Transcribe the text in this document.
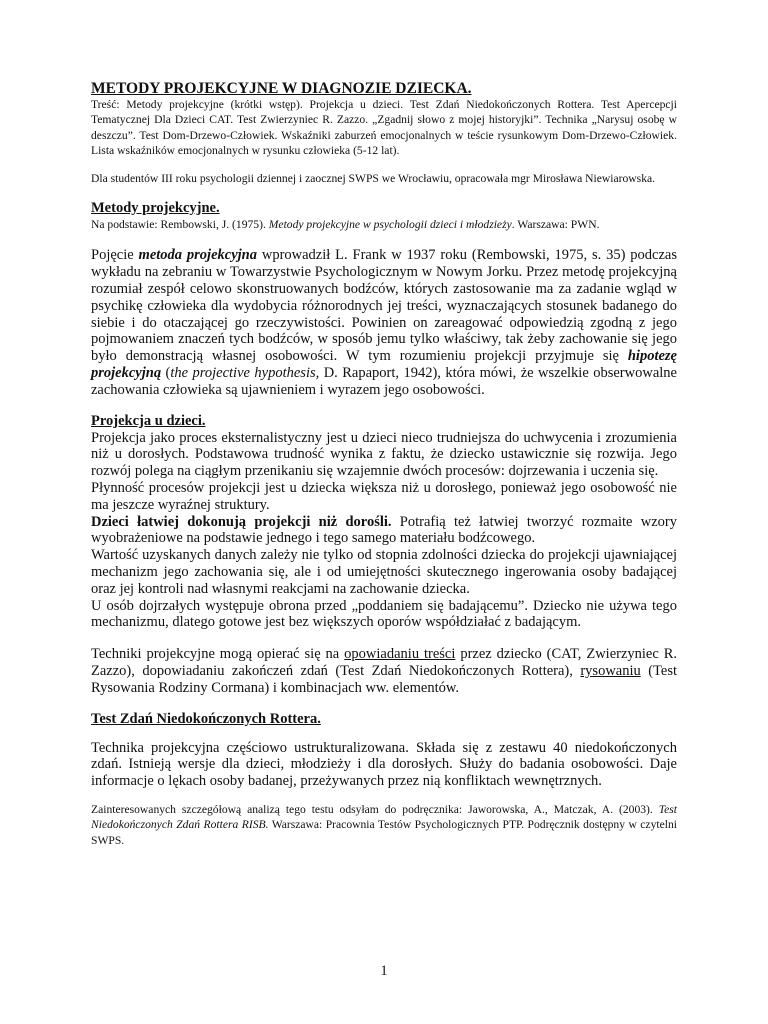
METODY PROJEKCYJNE W DIAGNOZIE DZIECKA.

Treść: Metody projekcyjne (krótki wstęp). Projekcja u dzieci. Test Zdań Niedokończonych Rottera. Test Apercepcji Tematycznej Dla Dzieci CAT. Test Zwierzyniec R. Zazzo. „Zgadnij słowo z mojej historyjki”. Technika „Narysuj osobę w deszczu”. Test Dom-Drzewo-Człowiek. Wskaźniki zaburzeń emocjonalnych w teście rysunkowym Dom-Drzewo-Człowiek. Lista wskaźników emocjonalnych w rysunku człowieka (5-12 lat).

Dla studentów III roku psychologii dziennej i zaocznej SWPS we Wrocławiu, opracowała mgr Mirosława Niewiarowska.

Metody projekcyjne.

Na podstawie: Rembowski, J. (1975). Metody projekcyjne w psychologii dzieci i młodzieży. Warszawa: PWN.

Pojęcie metoda projekcyjna wprowadził L. Frank w 1937 roku (Rembowski, 1975, s. 35) podczas wykładu na zebraniu w Towarzystwie Psychologicznym w Nowym Jorku. Przez metodę projekcyjną rozumiał zespół celowo skonstruowanych bodźców, których zastosowanie ma za zadanie wgląd w psychikę człowieka dla wydobycia różnorodnych jej treści, wyznaczających stosunek badanego do siebie i do otaczającej go rzeczywistości. Powinien on zareagować odpowiedzią zgodną z jego pojmowaniem znaczeń tych bodźców, w sposób jemu tylko właściwy, tak żeby zachowanie się jego było demonstracją własnej osobowości. W tym rozumieniu projekcji przyjmuje się hipotezę projekcyjną (the projective hypothesis, D. Rapaport, 1942), która mówi, że wszelkie obserwowalne zachowania człowieka są ujawnieniem i wyrazem jego osobowości.

Projekcja u dzieci.

Projekcja jako proces eksternalistyczny jest u dzieci nieco trudniejsza do uchwycenia i zrozumienia niż u dorosłych. Podstawowa trudność wynika z faktu, że dziecko ustawicznie się rozwija. Jego rozwój polega na ciągłym przenikaniu się wzajemnie dwóch procesów: dojrzewania i uczenia się.

Płynność procesów projekcji jest u dziecka większa niż u dorosłego, ponieważ jego osobowość nie ma jeszcze wyraźnej struktury.

Dzieci łatwiej dokonują projekcji niż dorośli. Potrafią też łatwiej tworzyć rozmaite wzory wyobrażeniowe na podstawie jednego i tego samego materiału bodźcowego.

Wartość uzyskanych danych zależy nie tylko od stopnia zdolności dziecka do projekcji ujawniającej mechanizm jego zachowania się, ale i od umiejętności skutecznego ingerowania osoby badającej oraz jej kontroli nad własnymi reakcjami na zachowanie dziecka.

U osób dojrzałych występuje obrona przed „poddaniem się badającemu”. Dziecko nie używa tego mechanizmu, dlatego gotowe jest bez większych oporów współdziałać z badającym.

Techniki projekcyjne mogą opierać się na opowiadaniu treści przez dziecko (CAT, Zwierzyniec R. Zazzo), dopowiadaniu zakończeń zdań (Test Zdań Niedokończonych Rottera), rysowaniu (Test Rysowania Rodziny Cormana) i kombinacjach ww. elementów.

Test Zdań Niedokończonych Rottera.

Technika projekcyjna częściowo ustrukturalizowana. Składa się z zestawu 40 niedokończonych zdań. Istnieją wersje dla dzieci, młodzieży i dla dorosłych. Służy do badania osobowości. Daje informacje o lękach osoby badanej, przeżywanych przez nią konfliktach wewnętrznych.

Zainteresowanych szczegółową analizą tego testu odsyłam do podręcznika: Jaworowska, A., Matczak, A. (2003). Test Niedokończonych Zdań Rottera RISB. Warszawa: Pracownia Testów Psychologicznych PTP. Podręcznik dostępny w czytelni SWPS.

1
